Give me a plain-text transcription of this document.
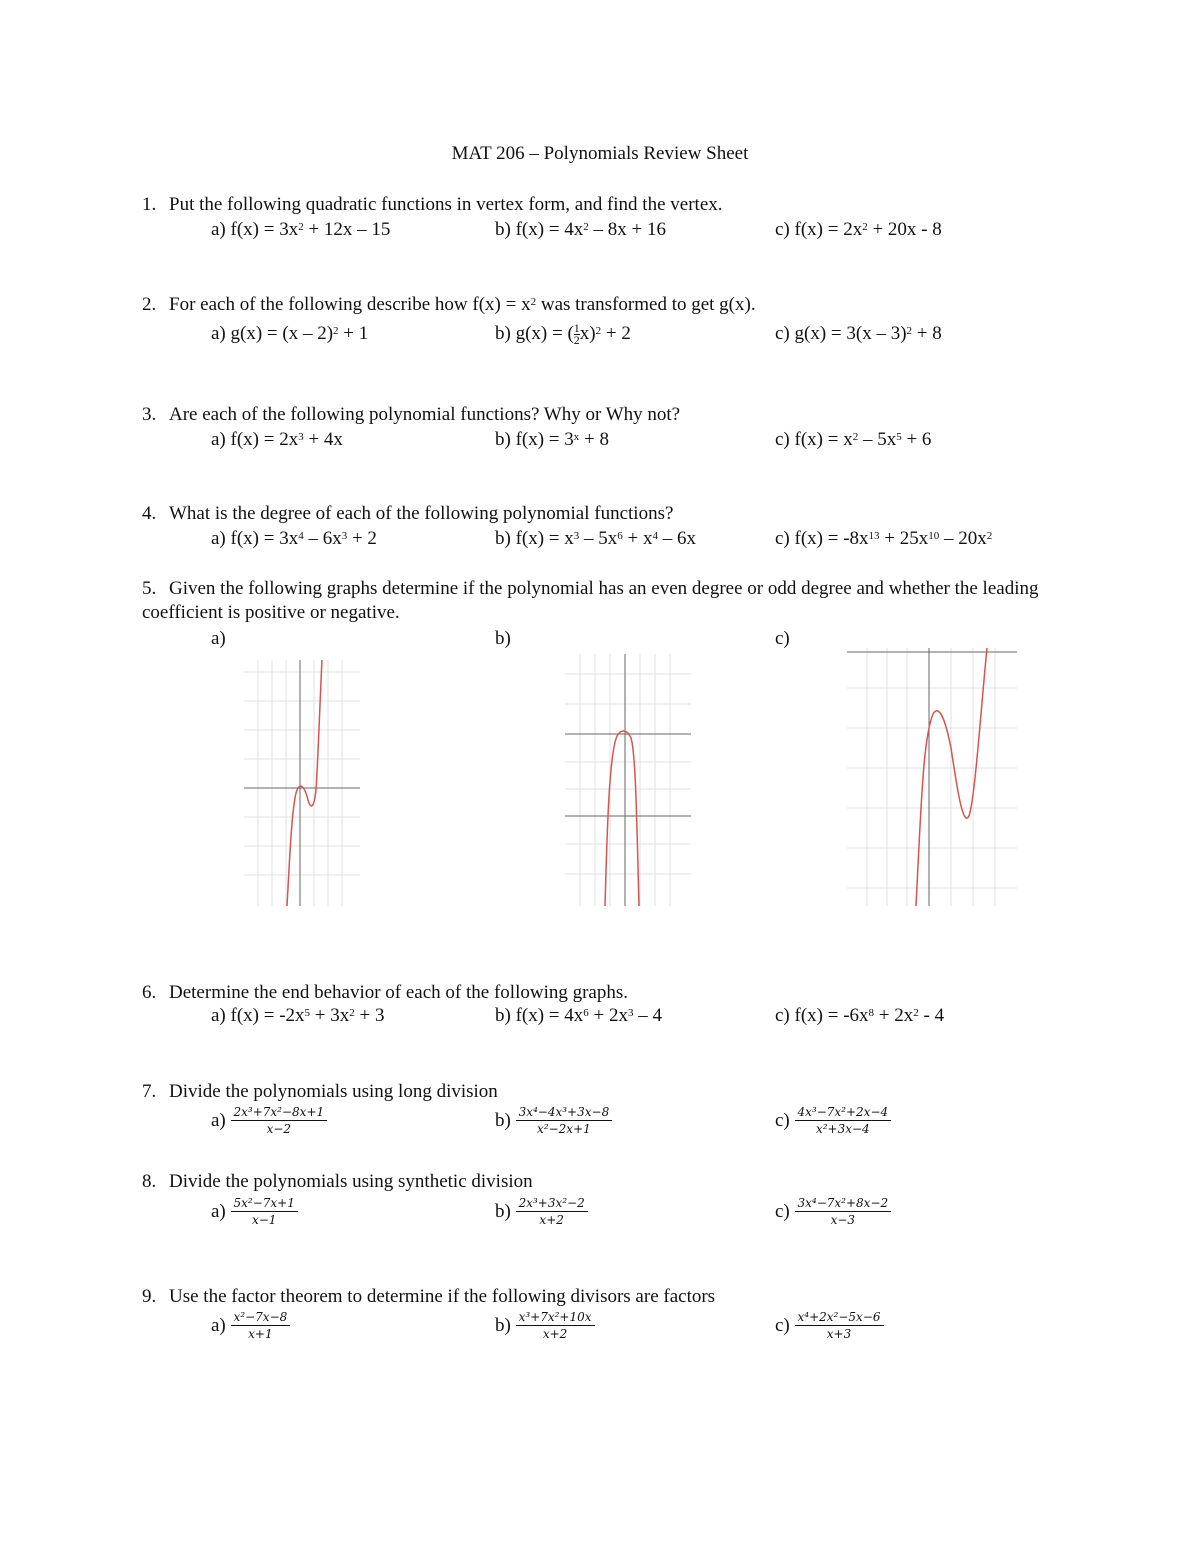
MAT 206 – Polynomials Review Sheet
1. Put the following quadratic functions in vertex form, and find the vertex.
a) $f(x) = 3x^2 + 12x - 15$	b) $f(x) = 4x^2 - 8x + 16$	c) $f(x) = 2x^2 + 20x - 8$
2. For each of the following describe how $f(x) = x^2$ was transformed to get g(x).
a) g(x) = (x – 2)$^2$ + 1	b) g(x) = ( $\frac{1}{2}x)^2 + 2$	c) g(x) = 3(x – 3)$^2$ + 8
3. Are each of the following polynomial functions? Why or Why not?
a) $f(x) = 2x^3 + 4x$	b) $f(x) = 3^x + 8$	c) $f(x) = x^2 - 5x^5 + 6$
4. What is the degree of each of the following polynomial functions?
a) $f(x) = 3x^4 - 6x^3 + 2$	b) $f(x) = x^3 - 5x^6 + x^4 - 6x$	c) $f(x) = -8x^{13} + 25x^{10} - 20x^2$
5. Given the following graphs determine if the polynomial has an even degree or odd degree and whether the leading coefficient is positive or negative.
a)	b)	c)
6. Determine the end behavior of each of the following graphs.
a) $f(x) = -2x^5 + 3x^2 + 3$	b) $f(x) = 4x^6 + 2x^3 - 4$	c) $f(x) = -6x^8 + 2x^2 - 4$
7. Divide the polynomials using long division
$a) \frac{\text{2x³+7x²−8x+1}}{x-2}$	$b) \frac{\text{3x⁴−4x³+3x−8}}{\text{x²−2x+1}}$	$c) \frac{\text{4x³−7x²+2x−4}}{\text{x²+3x−4}}$
8. Divide the polynomials using synthetic division
$a) \frac{\text{5x²−7x+1}}{x-1}$	$b) \frac{\text{2x³+3x²−2}}{x+2}$	$c) \frac{\text{3x⁴−7x²+8x−2}}{x-3}$
9. Use the factor theorem to determine if the following divisors are factors
$a) \frac{\text{x²−7x−8}}{x+1}$	$b) \frac{\text{x³+7x²+10x}}{x+2}$	$c) \frac{\text{x⁴+2x²−5x−6}}{x+3}$
